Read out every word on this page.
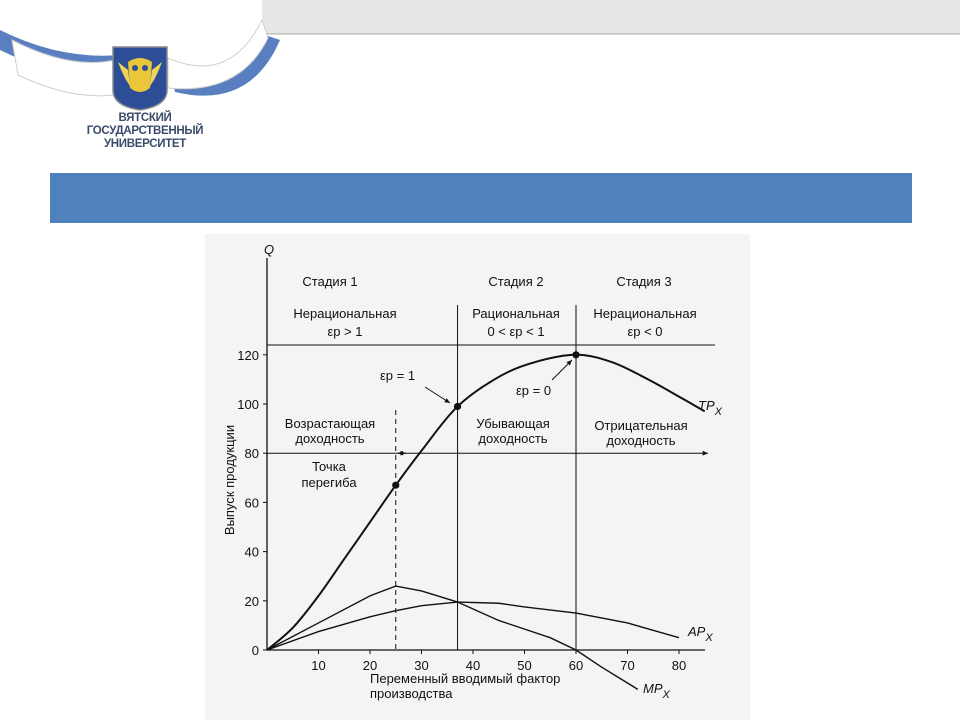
ВЯТСКИЙ
ГОСУДАРСТВЕННЫЙ
УНИВЕРСИТЕТ
Q
Выпуск продукции
0
20
40
60
80
100
120
10	20	30	40	50	60	70	80
Стадия 1	Стадия 2	Стадия 3
Нерациональная	Рациональная	Нерациональная
εp > 1	0 < εp < 1	εp < 0
Возрастающая
доходность
Убывающая
доходность
Отрицательная
доходность
Точка
перегиба
εp = 1
εp = 0
$TP_X$
$AP_X$
$MP_X$
Переменный вводимый фактор
производства
